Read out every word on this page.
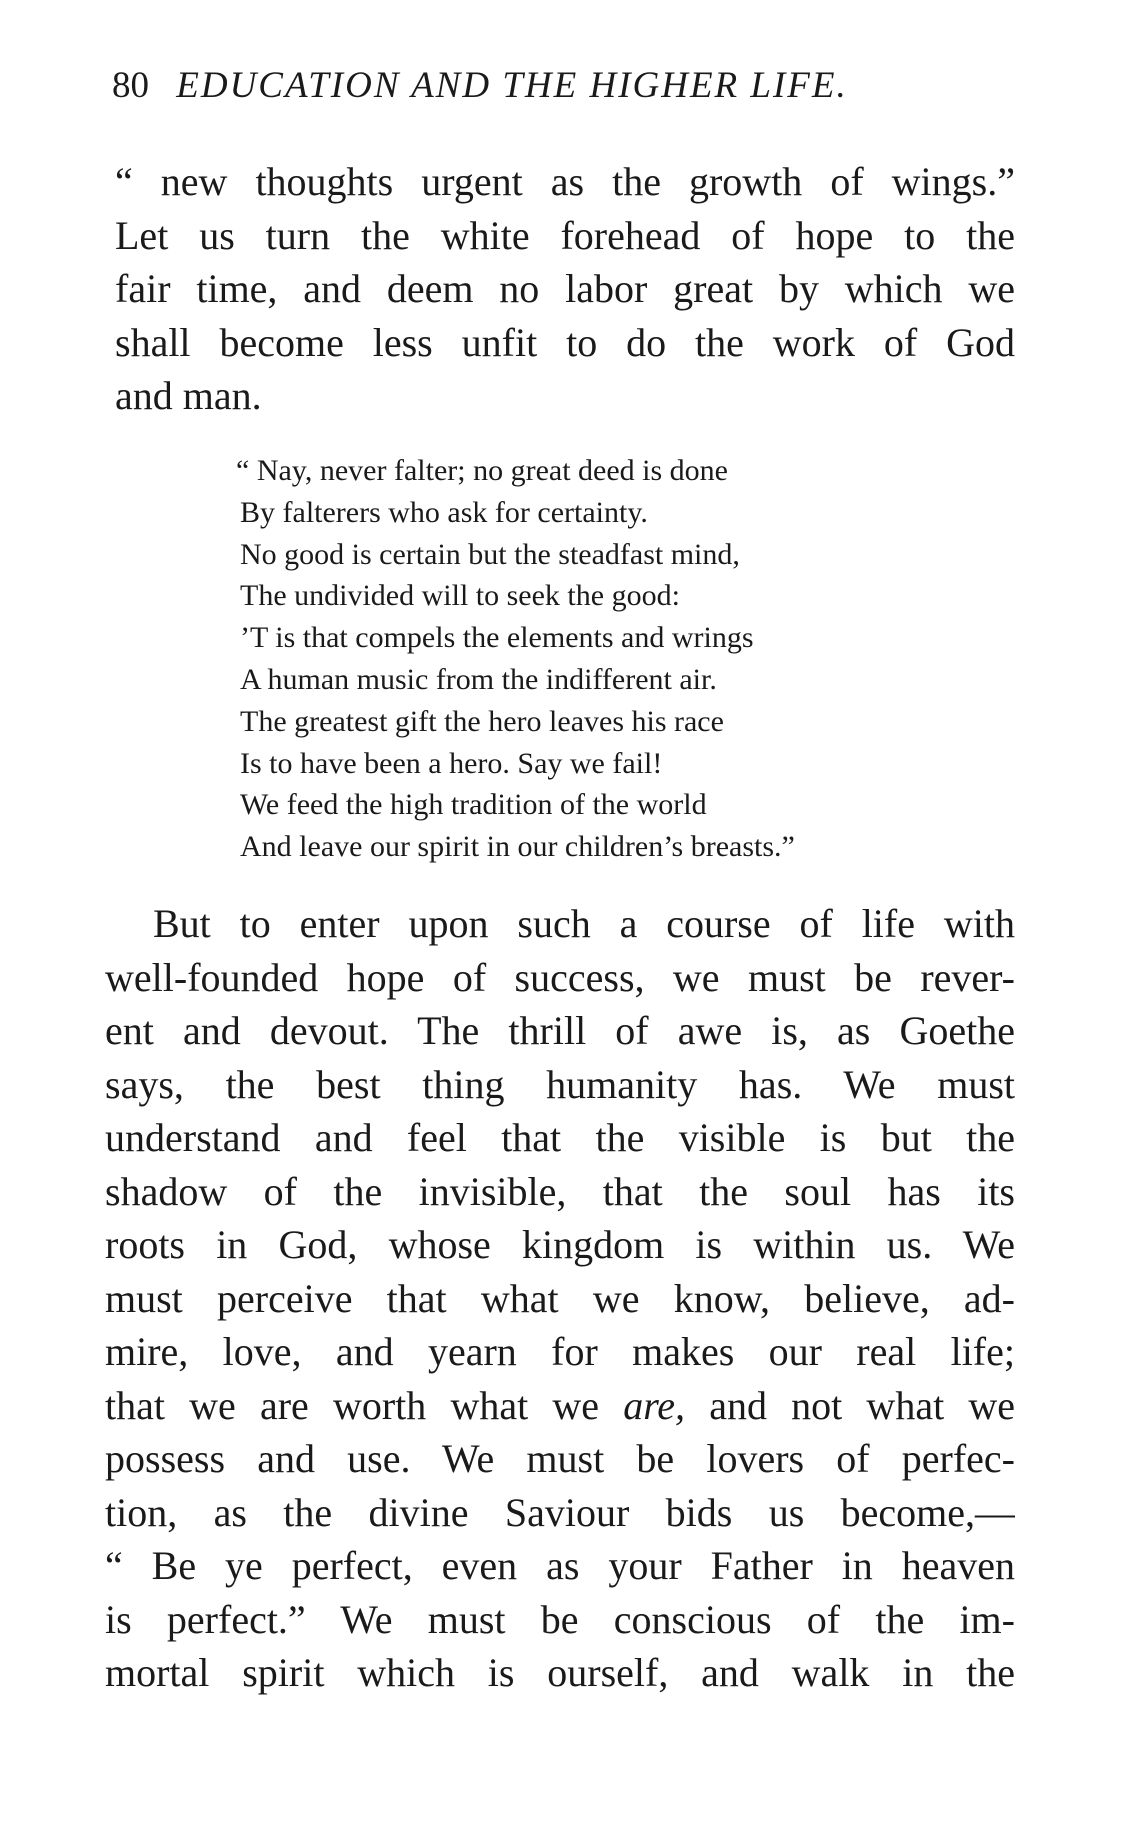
80 EDUCATION AND THE HIGHER LIFE.
“ new thoughts urgent as the growth of wings.”
Let us turn the white forehead of hope to the
fair time, and deem no labor great by which we
shall become less unfit to do the work of God
and man.
“ Nay, never falter; no great deed is done
By falterers who ask for certainty.
No good is certain but the steadfast mind,
The undivided will to seek the good:
’T is that compels the elements and wrings
A human music from the indifferent air.
The greatest gift the hero leaves his race
Is to have been a hero. Say we fail!
We feed the high tradition of the world
And leave our spirit in our children’s breasts.”
But to enter upon such a course of life with
well-founded hope of success, we must be rever-
ent and devout. The thrill of awe is, as Goethe
says, the best thing humanity has. We must
understand and feel that the visible is but the
shadow of the invisible, that the soul has its
roots in God, whose kingdom is within us. We
must perceive that what we know, believe, ad-
mire, love, and yearn for makes our real life;
that we are worth what we are, and not what we
possess and use. We must be lovers of perfec-
tion, as the divine Saviour bids us become,—
“ Be ye perfect, even as your Father in heaven
is perfect.” We must be conscious of the im-
mortal spirit which is ourself, and walk in the
